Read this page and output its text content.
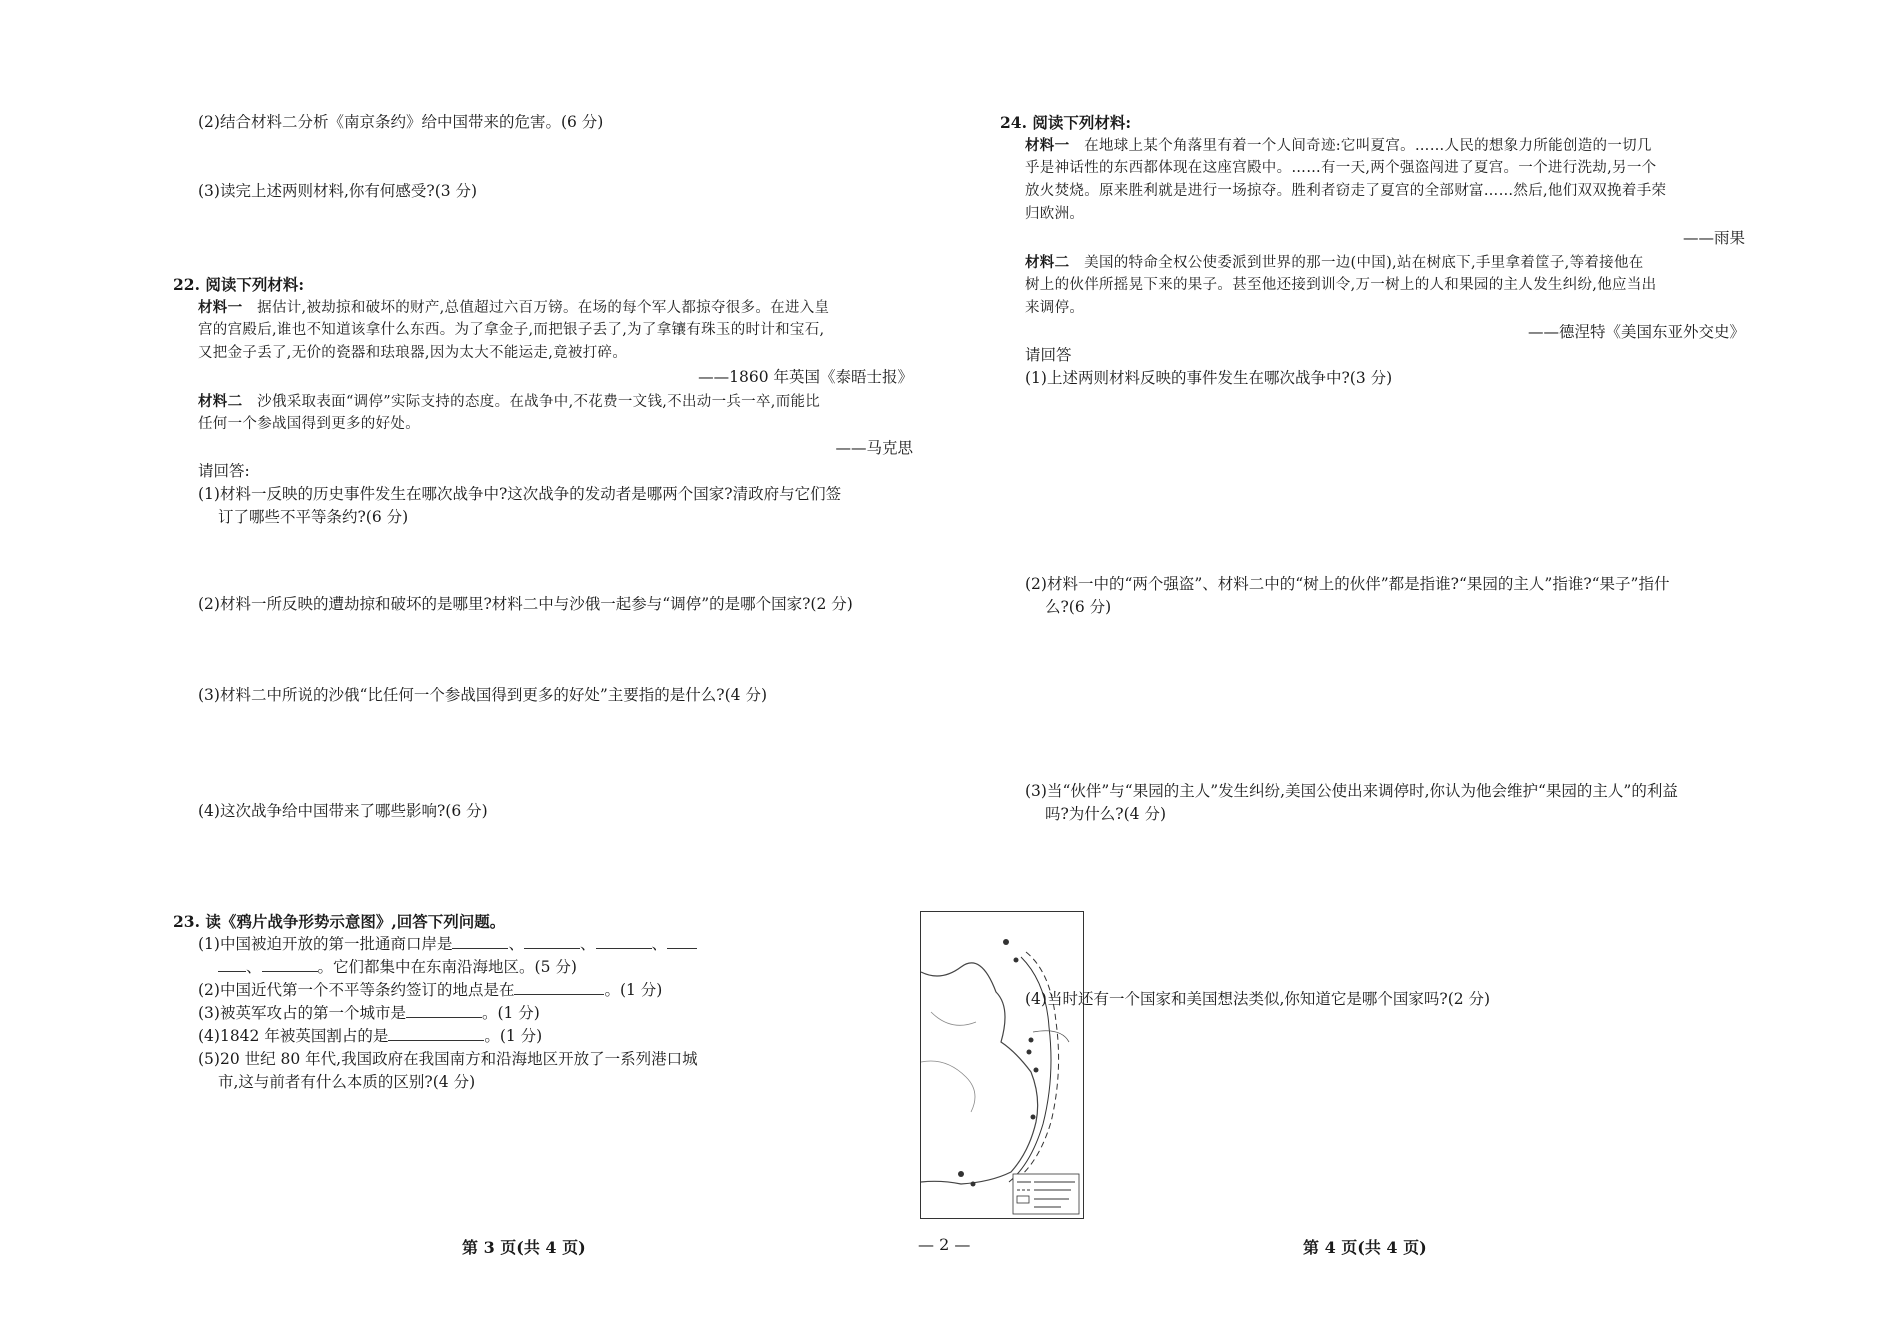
(2)结合材料二分析《南京条约》给中国带来的危害。(6 分)
(3)读完上述两则材料,你有何感受?(3 分)
22. 阅读下列材料:
材料一 据估计,被劫掠和破坏的财产,总值超过六百万镑。在场的每个军人都掠夺很多。在进入皇
宫的宫殿后,谁也不知道该拿什么东西。为了拿金子,而把银子丢了,为了拿镶有珠玉的时计和宝石,
又把金子丢了,无价的瓷器和珐琅器,因为太大不能运走,竟被打碎。
——1860 年英国《泰晤士报》
材料二 沙俄采取表面“调停”实际支持的态度。在战争中,不花费一文钱,不出动一兵一卒,而能比
任何一个参战国得到更多的好处。
——马克思
请回答:
(1)材料一反映的历史事件发生在哪次战争中?这次战争的发动者是哪两个国家?清政府与它们签
订了哪些不平等条约?(6 分)
(2)材料一所反映的遭劫掠和破坏的是哪里?材料二中与沙俄一起参与“调停”的是哪个国家?(2 分)
(3)材料二中所说的沙俄“比任何一个参战国得到更多的好处”主要指的是什么?(4 分)
(4)这次战争给中国带来了哪些影响?(6 分)
23. 读《鸦片战争形势示意图》,回答下列问题。
(1)中国被迫开放的第一批通商口岸是	、	、	、
、	。它们都集中在东南沿海地区。(5 分)
(2)中国近代第一个不平等条约签订的地点是在	。(1 分)
(3)被英军攻占的第一个城市是	。(1 分)
(4)1842 年被英国割占的是	。(1 分)
(5)20 世纪 80 年代,我国政府在我国南方和沿海地区开放了一系列港口城
市,这与前者有什么本质的区别?(4 分)
第 3 页(共 4 页)	— 2 —	第 4 页(共 4 页)
24. 阅读下列材料:
材料一 在地球上某个角落里有着一个人间奇迹:它叫夏宫。……人民的想象力所能创造的一切几
乎是神话性的东西都体现在这座宫殿中。……有一天,两个强盗闯进了夏宫。一个进行洗劫,另一个
放火焚烧。原来胜利就是进行一场掠夺。胜利者窃走了夏宫的全部财富……然后,他们双双挽着手荣
归欧洲。
——雨果
材料二 美国的特命全权公使委派到世界的那一边(中国),站在树底下,手里拿着筐子,等着接他在
树上的伙伴所摇晃下来的果子。甚至他还接到训令,万一树上的人和果园的主人发生纠纷,他应当出
来调停。
——德涅特《美国东亚外交史》
请回答
(1)上述两则材料反映的事件发生在哪次战争中?(3 分)
(2)材料一中的“两个强盗”、材料二中的“树上的伙伴”都是指谁?“果园的主人”指谁?“果子”指什
么?(6 分)
(3)当“伙伴”与“果园的主人”发生纠纷,美国公使出来调停时,你认为他会维护“果园的主人”的利益
吗?为什么?(4 分)
(4)当时还有一个国家和美国想法类似,你知道它是哪个国家吗?(2 分)
